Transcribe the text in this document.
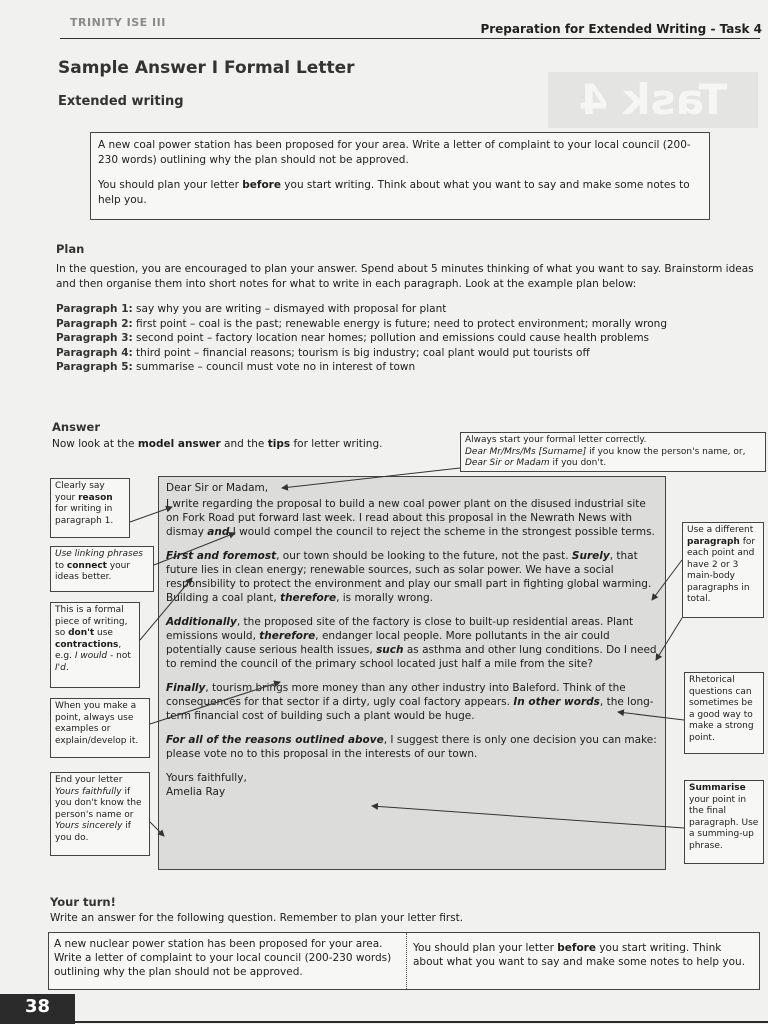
Task 4
TRINITY ISE III	Preparation for Extended Writing - Task 4
Sample Answer I Formal Letter
Extended writing

A new coal power station has been proposed for your area. Write a letter of complaint to your local council (200-230 words) outlining why the plan should not be approved.

You should plan your letter before you start writing. Think about what you want to say and make some notes to help you.

Plan
In the question, you are encouraged to plan your answer. Spend about 5 minutes thinking of what you want to say. Brainstorm ideas and then organise them into short notes for what to write in each paragraph. Look at the example plan below:
Paragraph 1: say why you are writing – dismayed with proposal for plant
Paragraph 2: first point – coal is the past; renewable energy is future; need to protect environment; morally wrong
Paragraph 3: second point – factory location near homes; pollution and emissions could cause health problems
Paragraph 4: third point – financial reasons; tourism is big industry; coal plant would put tourists off
Paragraph 5: summarise – council must vote no in interest of town
Answer
Now look at the model answer and the tips for letter writing.	Always start your formal letter correctly.
Dear Mr/Mrs/Ms [Surname] if you know the person's name, or, Dear Sir or Madam if you don't.
Clearly say your reason for writing in paragraph 1.
Use linking phrases to connect your ideas better.
This is a formal piece of writing, so don't use contractions, e.g. I would - not I'd.
When you make a point, always use examples or explain/develop it.
End your letter Yours faithfully if you don't know the person's name or Yours sincerely if you do.
Use a different paragraph for each point and have 2 or 3 main-body paragraphs in total.
Rhetorical questions can sometimes be a good way to make a strong point.
Summarise your point in the final paragraph. Use a summing-up phrase.

Dear Sir or Madam,

I write regarding the proposal to build a new coal power plant on the disused industrial site on Fork Road put forward last week. I read about this proposal in the Newrath News with dismay and I would compel the council to reject the scheme in the strongest possible terms.

First and foremost, our town should be looking to the future, not the past. Surely, that future lies in clean energy; renewable sources, such as solar power. We have a social responsibility to protect the environment and play our small part in fighting global warming. Building a coal plant, therefore, is morally wrong.

Additionally, the proposed site of the factory is close to built-up residential areas. Plant emissions would, therefore, endanger local people. More pollutants in the air could potentially cause serious health issues, such as asthma and other lung conditions. Do I need to remind the council of the primary school located just half a mile from the site?

Finally, tourism brings more money than any other industry into Baleford. Think of the consequences for that sector if a dirty, ugly coal factory appears. In other words, the long-term financial cost of building such a plant would be huge.

For all of the reasons outlined above, I suggest there is only one decision you can make: please vote no to this proposal in the interests of our town.

Yours faithfully,

Amelia Ray

Your turn!
Write an answer for the following question. Remember to plan your letter first.
A new nuclear power station has been proposed for your area. Write a letter of complaint to your local council (200-230 words) outlining why the plan should not be approved.
You should plan your letter before you start writing. Think about what you want to say and make some notes to help you.
38
